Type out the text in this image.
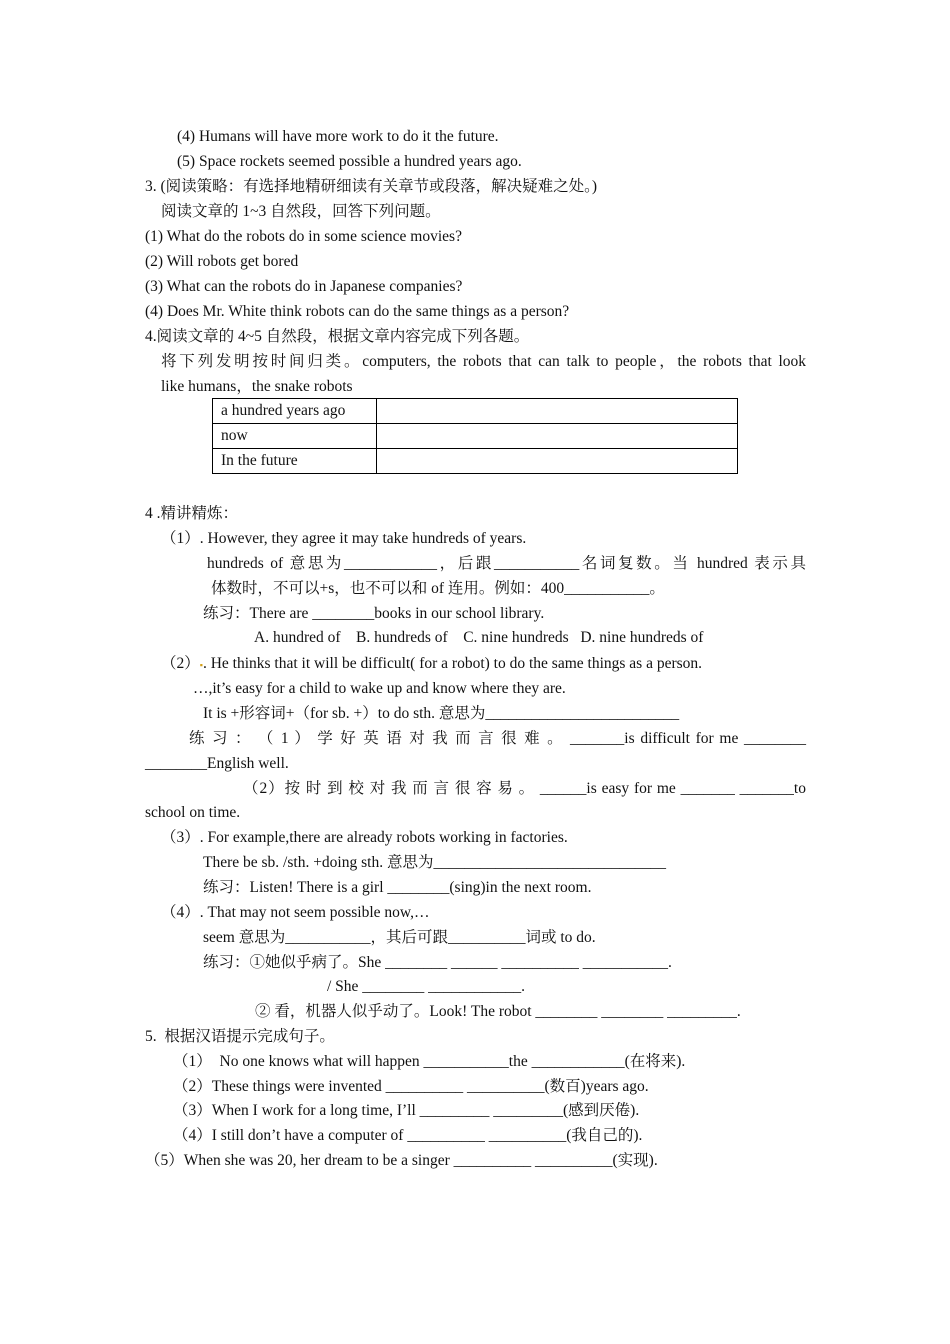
(4) Humans will have more work to do it the future.
(5) Space rockets seemed possible a hundred years ago.
3. (阅读策略：有选择地精研细读有关章节或段落，解决疑难之处。)
阅读文章的 1~3 自然段，回答下列问题。
(1) What do the robots do in some science movies?
(2) Will robots get bored
(3) What can the robots do in Japanese companies?
(4) Does Mr. White think robots can do the same things as a person?
4.阅读文章的 4~5 自然段，根据文章内容完成下列各题。
将下列发明按时间归类。computers, the robots that can talk to people，the robots that look
like humans，the snake robots
a hundred years ago	
now	
In the future	
4 .精讲精炼：
（1）. However, they agree it may take hundreds of years.
hundreds of 意思为____________，后跟___________名词复数。当 hundred 表示具
体数时，不可以+s，也不可以和 of 连用。例如：400___________。
练习：There are ________books in our school library.
A. hundred of    B. hundreds of    C. nine hundreds   D. nine hundreds of
（2）▪. He thinks that it will be difficult( for a robot) to do the same things as a person.
…,it’s easy for a child to wake up and know where they are.
It is +形容词+（for sb. +）to do sth. 意思为_________________________
练 习 ： （ 1 ） 学 好 英 语 对 我 而 言 很 难 。 _______is difficult for me ________
________English well.
（2）按 时 到 校 对 我 而 言 很 容 易 。 ______is easy for me _______ _______to
school on time.
（3）. For example,there are already robots working in factories.
There be sb. /sth. +doing sth. 意思为______________________________
练习：Listen! There is a girl ________(sing)in the next room.
（4）. That may not seem possible now,…
seem 意思为___________，其后可跟__________词或 to do.
练习：①她似乎病了。She ________ ______ __________ ___________.
/ She ________ ____________.
② 看，机器人似乎动了。Look! The robot ________ ________ _________.
5.  根据汉语提示完成句子。
（1）  No one knows what will happen ___________the ____________(在将来).
（2）These things were invented __________ __________(数百)years ago.
（3）When I work for a long time, I’ll _________ _________(感到厌倦).
（4）I still don’t have a computer of __________ __________(我自己的).
（5）When she was 20, her dream to be a singer __________ __________(实现).
